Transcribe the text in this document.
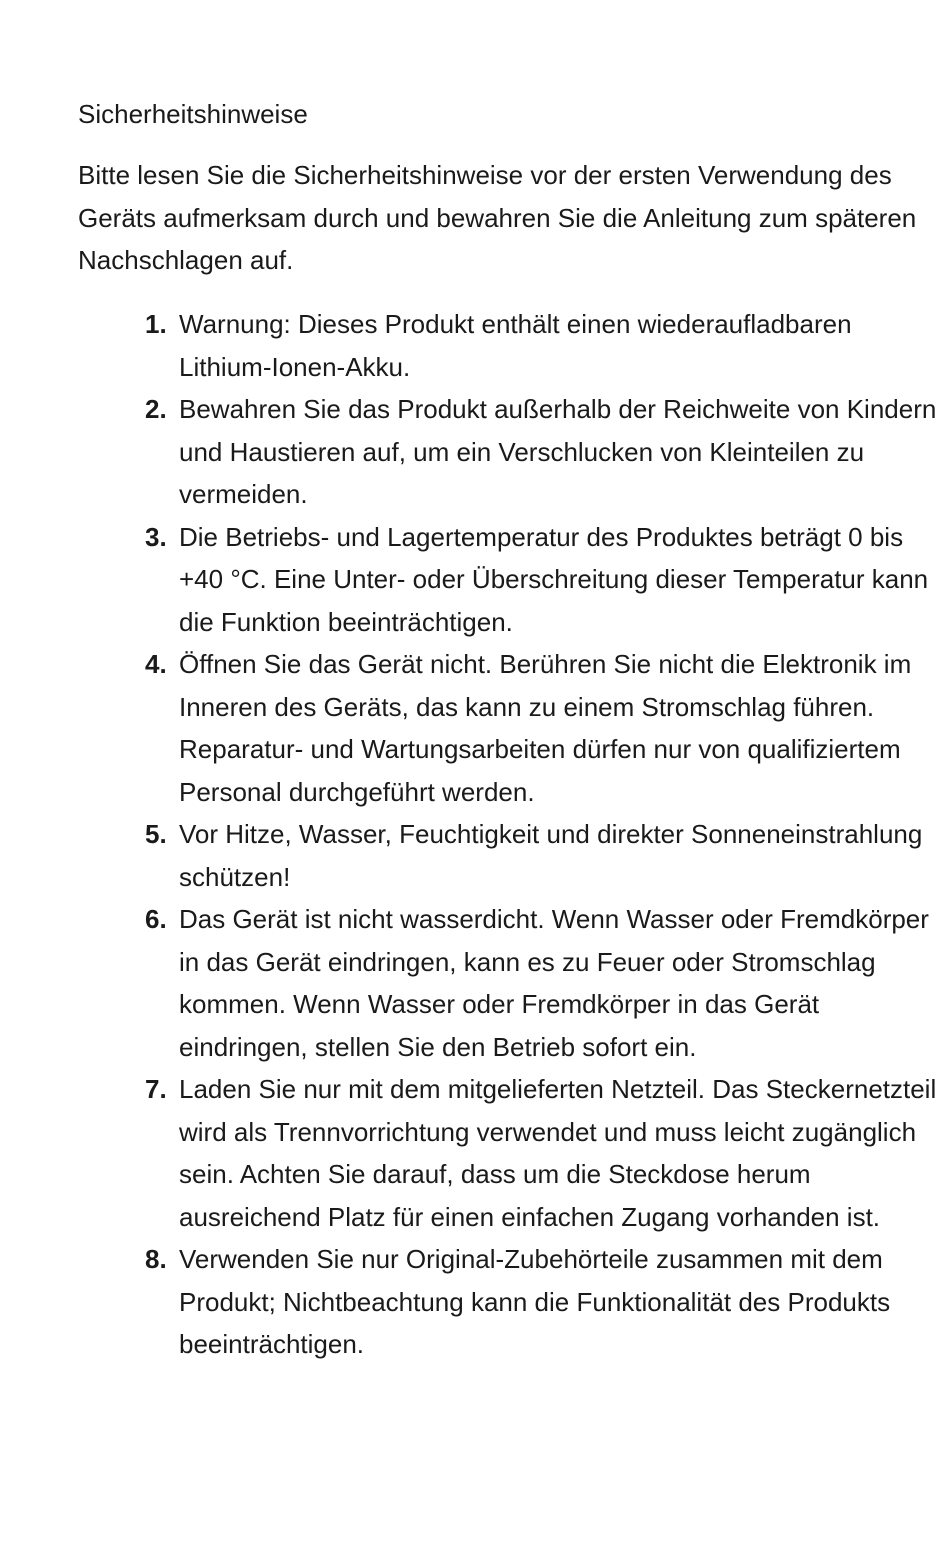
Sicherheitshinweise

Bitte lesen Sie die Sicherheitshinweise vor der ersten Verwendung des Geräts aufmerksam durch und bewahren Sie die Anleitung zum späteren Nachschlagen auf.

1. Warnung: Dieses Produkt enthält einen wiederaufladbaren Lithium-Ionen-Akku.
2. Bewahren Sie das Produkt außerhalb der Reichweite von Kindern und Haustieren auf, um ein Verschlucken von Kleinteilen zu vermeiden.
3. Die Betriebs- und Lagertemperatur des Produktes beträgt 0 bis +40 °C. Eine Unter- oder Überschreitung dieser Temperatur kann die Funktion beeinträchtigen.
4. Öffnen Sie das Gerät nicht. Berühren Sie nicht die Elektronik im Inneren des Geräts, das kann zu einem Stromschlag führen. Reparatur- und Wartungsarbeiten dürfen nur von qualifiziertem Personal durchgeführt werden.
5. Vor Hitze, Wasser, Feuchtigkeit und direkter Sonneneinstrahlung schützen!
6. Das Gerät ist nicht wasserdicht. Wenn Wasser oder Fremdkörper in das Gerät eindringen, kann es zu Feuer oder Stromschlag kommen. Wenn Wasser oder Fremdkörper in das Gerät eindringen, stellen Sie den Betrieb sofort ein.
7. Laden Sie nur mit dem mitgelieferten Netzteil. Das Steckernetzteil wird als Trennvorrichtung verwendet und muss leicht zugänglich sein. Achten Sie darauf, dass um die Steckdose herum ausreichend Platz für einen einfachen Zugang vorhanden ist.
8. Verwenden Sie nur Original-Zubehörteile zusammen mit dem Produkt; Nichtbeachtung kann die Funktionalität des Produkts beeinträchtigen.
